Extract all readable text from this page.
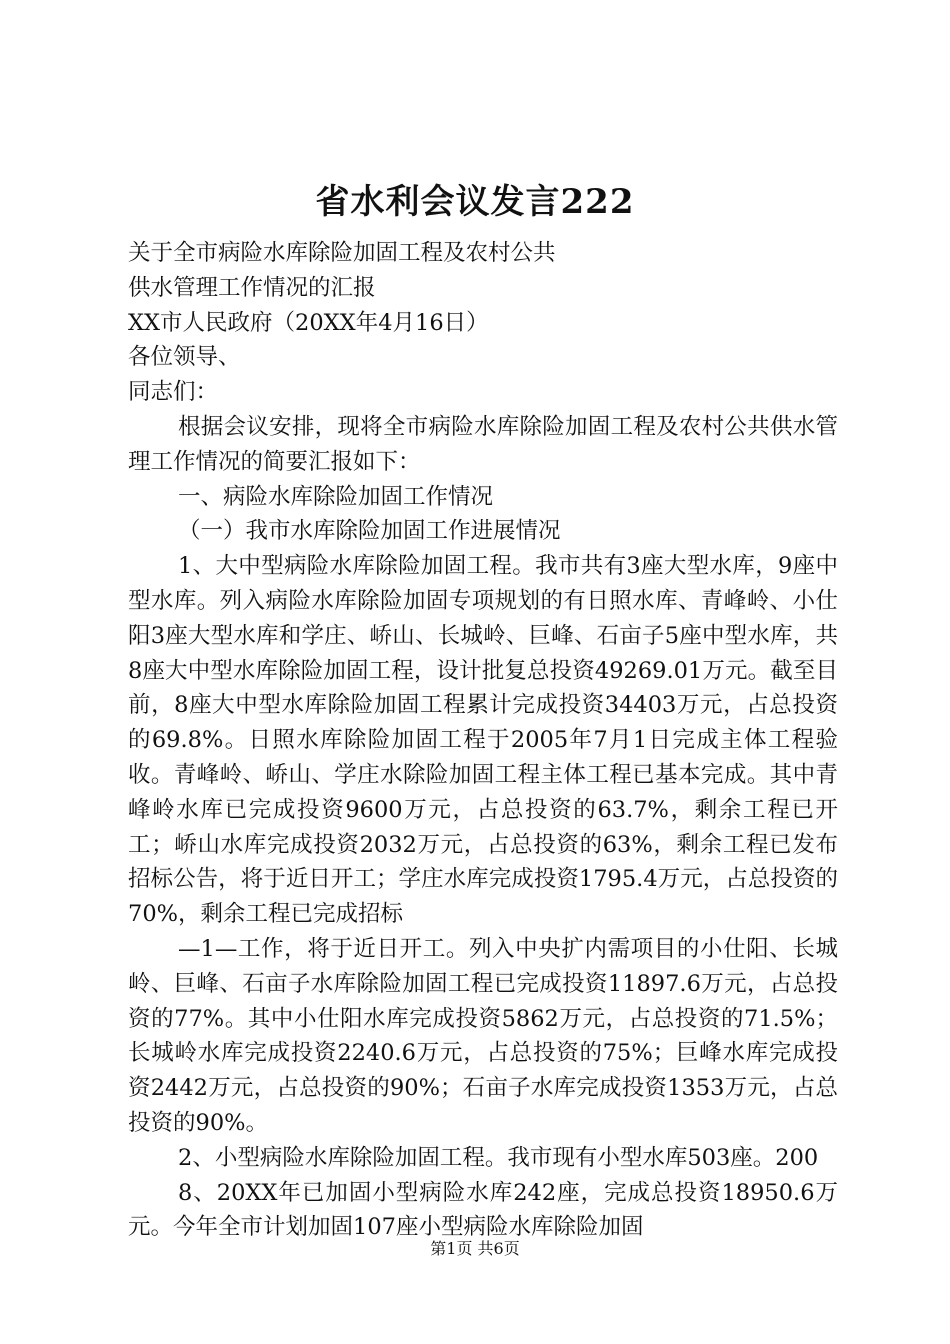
省水利会议发言222

关于全市病险水库除险加固工程及农村公共

供水管理工作情况的汇报

XX市人民政府（20XX年4月16日）

各位领导、

同志们：

根据会议安排，现将全市病险水库除险加固工程及农村公共供水管理工作情况的简要汇报如下：

一、病险水库除险加固工作情况

（一）我市水库除险加固工作进展情况

1、大中型病险水库除险加固工程。我市共有3座大型水库，9座中型水库。列入病险水库除险加固专项规划的有日照水库、青峰岭、小仕阳3座大型水库和学庄、峤山、长城岭、巨峰、石亩子5座中型水库，共8座大中型水库除险加固工程，设计批复总投资49269.01万元。截至目前，8座大中型水库除险加固工程累计完成投资34403万元，占总投资的69.8%。日照水库除险加固工程于2005年7月1日完成主体工程验收。青峰岭、峤山、学庄水除险加固工程主体工程已基本完成。其中青峰岭水库已完成投资9600万元，占总投资的63.7%，剩余工程已开工；峤山水库完成投资2032万元，占总投资的63%，剩余工程已发布招标公告，将于近日开工；学庄水库完成投资1795.4万元，占总投资的70%，剩余工程已完成招标

—1—工作，将于近日开工。列入中央扩内需项目的小仕阳、长城岭、巨峰、石亩子水库除险加固工程已完成投资11897.6万元，占总投资的77%。其中小仕阳水库完成投资5862万元，占总投资的71.5%；长城岭水库完成投资2240.6万元，占总投资的75%；巨峰水库完成投资2442万元，占总投资的90%；石亩子水库完成投资1353万元，占总投资的90%。

2、小型病险水库除险加固工程。我市现有小型水库503座。200

8、20XX年已加固小型病险水库242座，完成总投资18950.6万元。今年全市计划加固107座小型病险水库除险加固

第1页 共6页
